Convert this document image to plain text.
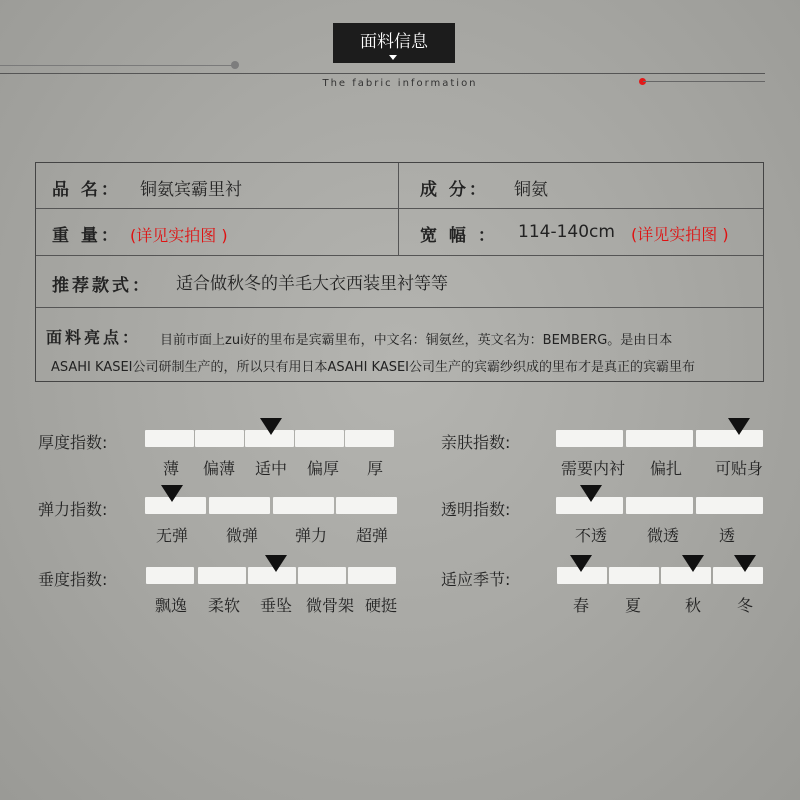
面料信息
The fabric information
品 名： 铜氨宾霸里衬	成 分： 铜氨
重 量： (详见实拍图 )	宽 幅 ： 114-140cm (详见实拍图 )
推荐款式： 适合做秋冬的羊毛大衣西装里衬等等
面料亮点： 目前市面上zui好的里布是宾霸里布，中文名：铜氨丝，英文名为：BEMBERG。是由日本
ASAHI KASEI公司研制生产的，所以只有用日本ASAHI KASEI公司生产的宾霸纱织成的里布才是真正的宾霸里布
厚度指数:
薄	偏薄	适中	偏厚	厚
弹力指数:
无弹	微弹	弹力	超弹
垂度指数:
飘逸	柔软	垂坠 微骨架 硬挺
亲肤指数:
需要内衬	偏扎	可贴身
透明指数:
不透	微透	透
适应季节:
春	夏	秋	冬
